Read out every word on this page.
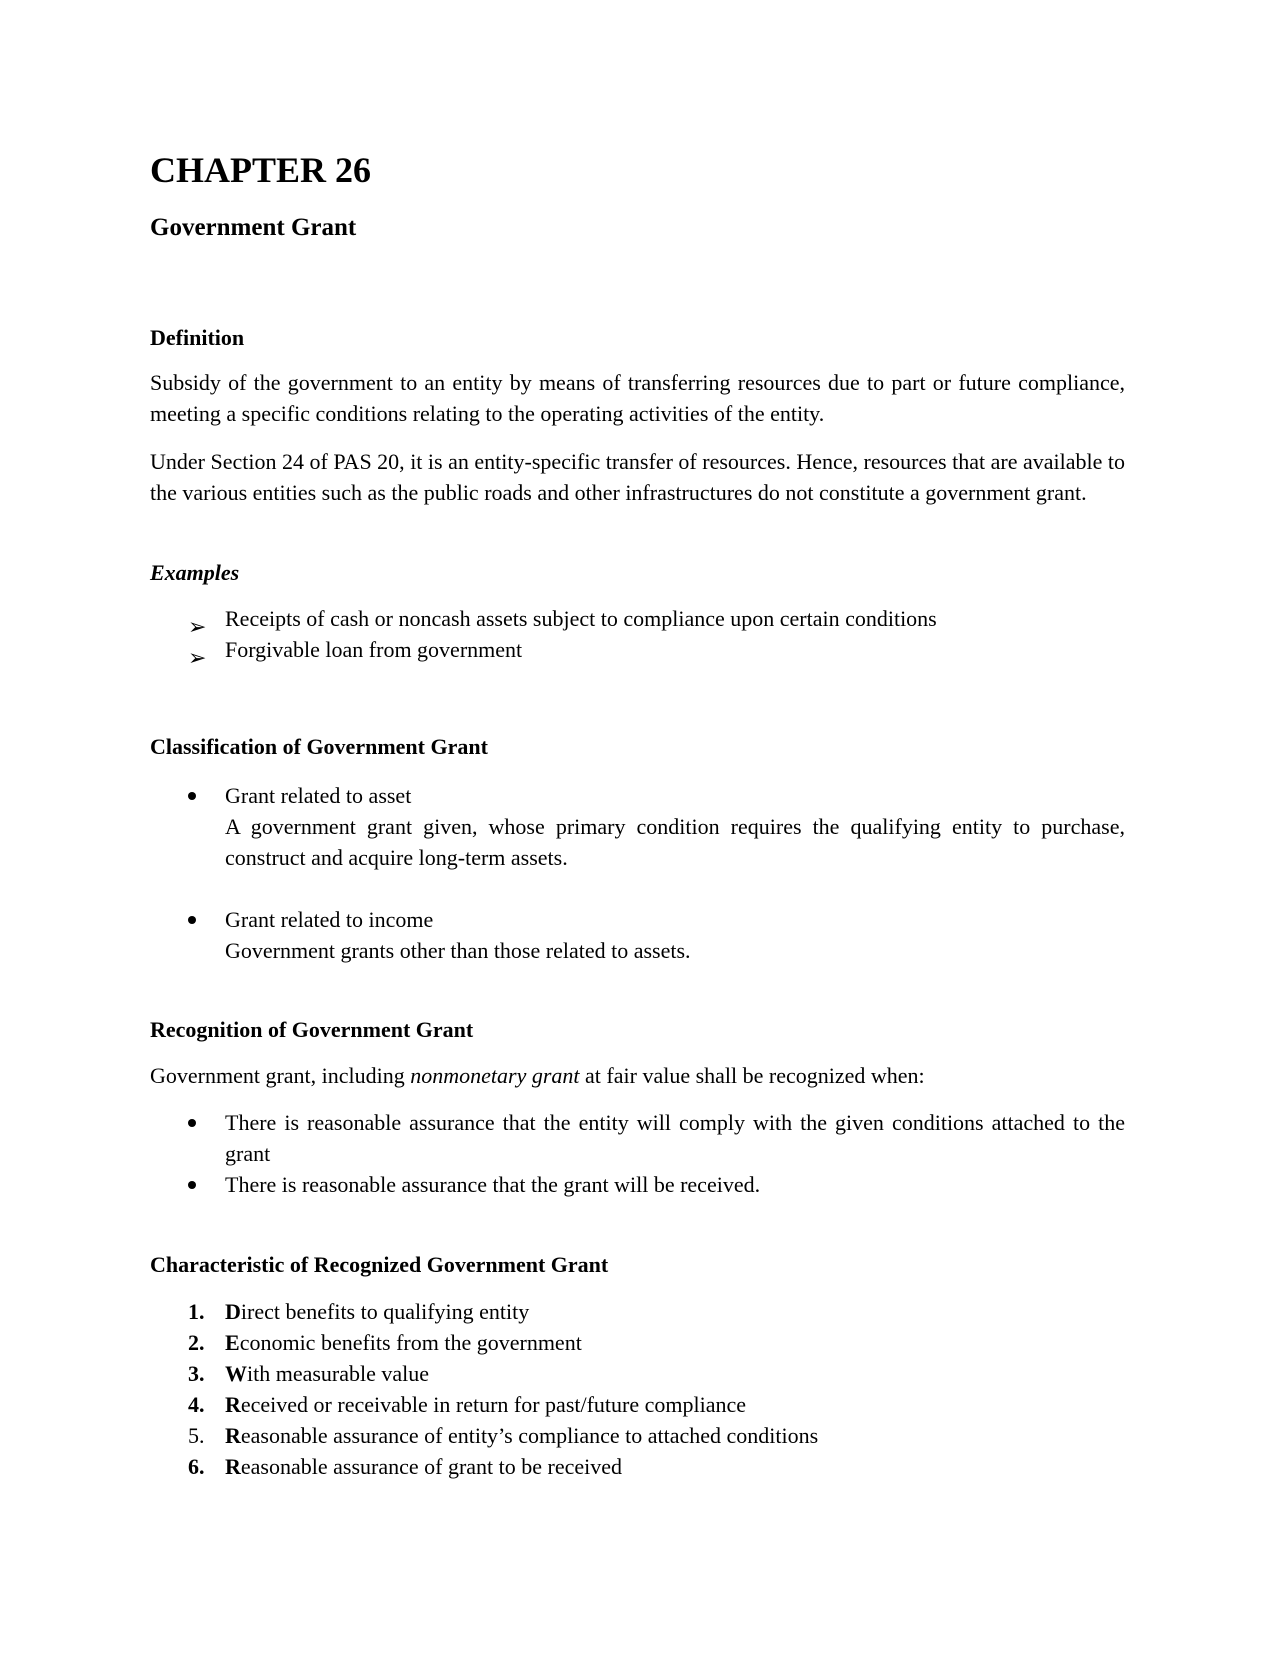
CHAPTER 26
Government Grant
Definition

Subsidy of the government to an entity by means of transferring resources due to part or future compliance, meeting a specific conditions relating to the operating activities of the entity.

Under Section 24 of PAS 20, it is an entity-specific transfer of resources. Hence, resources that are available to the various entities such as the public roads and other infrastructures do not constitute a government grant.

Examples
➢ Receipts of cash or noncash assets subject to compliance upon certain conditions
➢ Forgivable loan from government
Classification of Government Grant
Grant related to asset
A government grant given, whose primary condition requires the qualifying entity to purchase, construct and acquire long-term assets.
Grant related to income
Government grants other than those related to assets.
Recognition of Government Grant

Government grant, including nonmonetary grant at fair value shall be recognized when:

There is reasonable assurance that the entity will comply with the given conditions attached to the grant
There is reasonable assurance that the grant will be received.
Characteristic of Recognized Government Grant
1. Direct benefits to qualifying entity
2. Economic benefits from the government
3. With measurable value
4. Received or receivable in return for past/future compliance
5. Reasonable assurance of entity’s compliance to attached conditions
6. Reasonable assurance of grant to be received
